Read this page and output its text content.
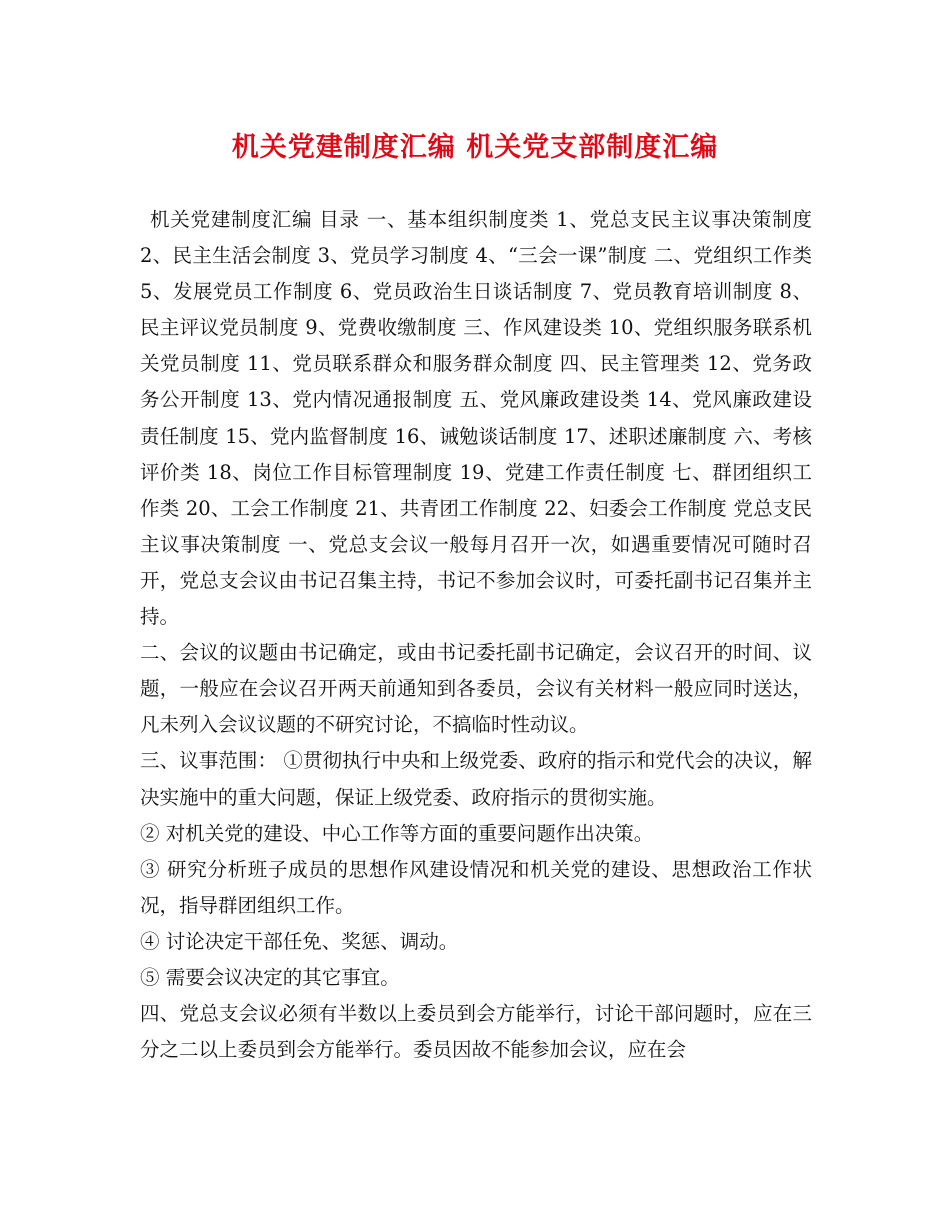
机关党建制度汇编 机关党支部制度汇编

机关党建制度汇编 目录 一、基本组织制度类 1、党总支民主议事决策制度 2、民主生活会制度 3、党员学习制度 4、“三会一课”制度 二、党组织工作类 5、发展党员工作制度 6、党员政治生日谈话制度 7、党员教育培训制度 8、民主评议党员制度 9、党费收缴制度 三、作风建设类 10、党组织服务联系机关党员制度 11、党员联系群众和服务群众制度 四、民主管理类 12、党务政务公开制度 13、党内情况通报制度 五、党风廉政建设类 14、党风廉政建设责任制度 15、党内监督制度 16、诫勉谈话制度 17、述职述廉制度 六、考核评价类 18、岗位工作目标管理制度 19、党建工作责任制度 七、群团组织工作类 20、工会工作制度 21、共青团工作制度 22、妇委会工作制度 党总支民主议事决策制度 一、党总支会议一般每月召开一次，如遇重要情况可随时召开，党总支会议由书记召集主持，书记不参加会议时，可委托副书记召集并主持。

二、会议的议题由书记确定，或由书记委托副书记确定，会议召开的时间、议题，一般应在会议召开两天前通知到各委员，会议有关材料一般应同时送达，凡未列入会议议题的不研究讨论，不搞临时性动议。

三、议事范围： ①贯彻执行中央和上级党委、政府的指示和党代会的决议，解决实施中的重大问题，保证上级党委、政府指示的贯彻实施。

② 对机关党的建设、中心工作等方面的重要问题作出决策。

③ 研究分析班子成员的思想作风建设情况和机关党的建设、思想政治工作状况，指导群团组织工作。

④ 讨论决定干部任免、奖惩、调动。

⑤ 需要会议决定的其它事宜。

四、党总支会议必须有半数以上委员到会方能举行，讨论干部问题时，应在三分之二以上委员到会方能举行。委员因故不能参加会议，应在会
